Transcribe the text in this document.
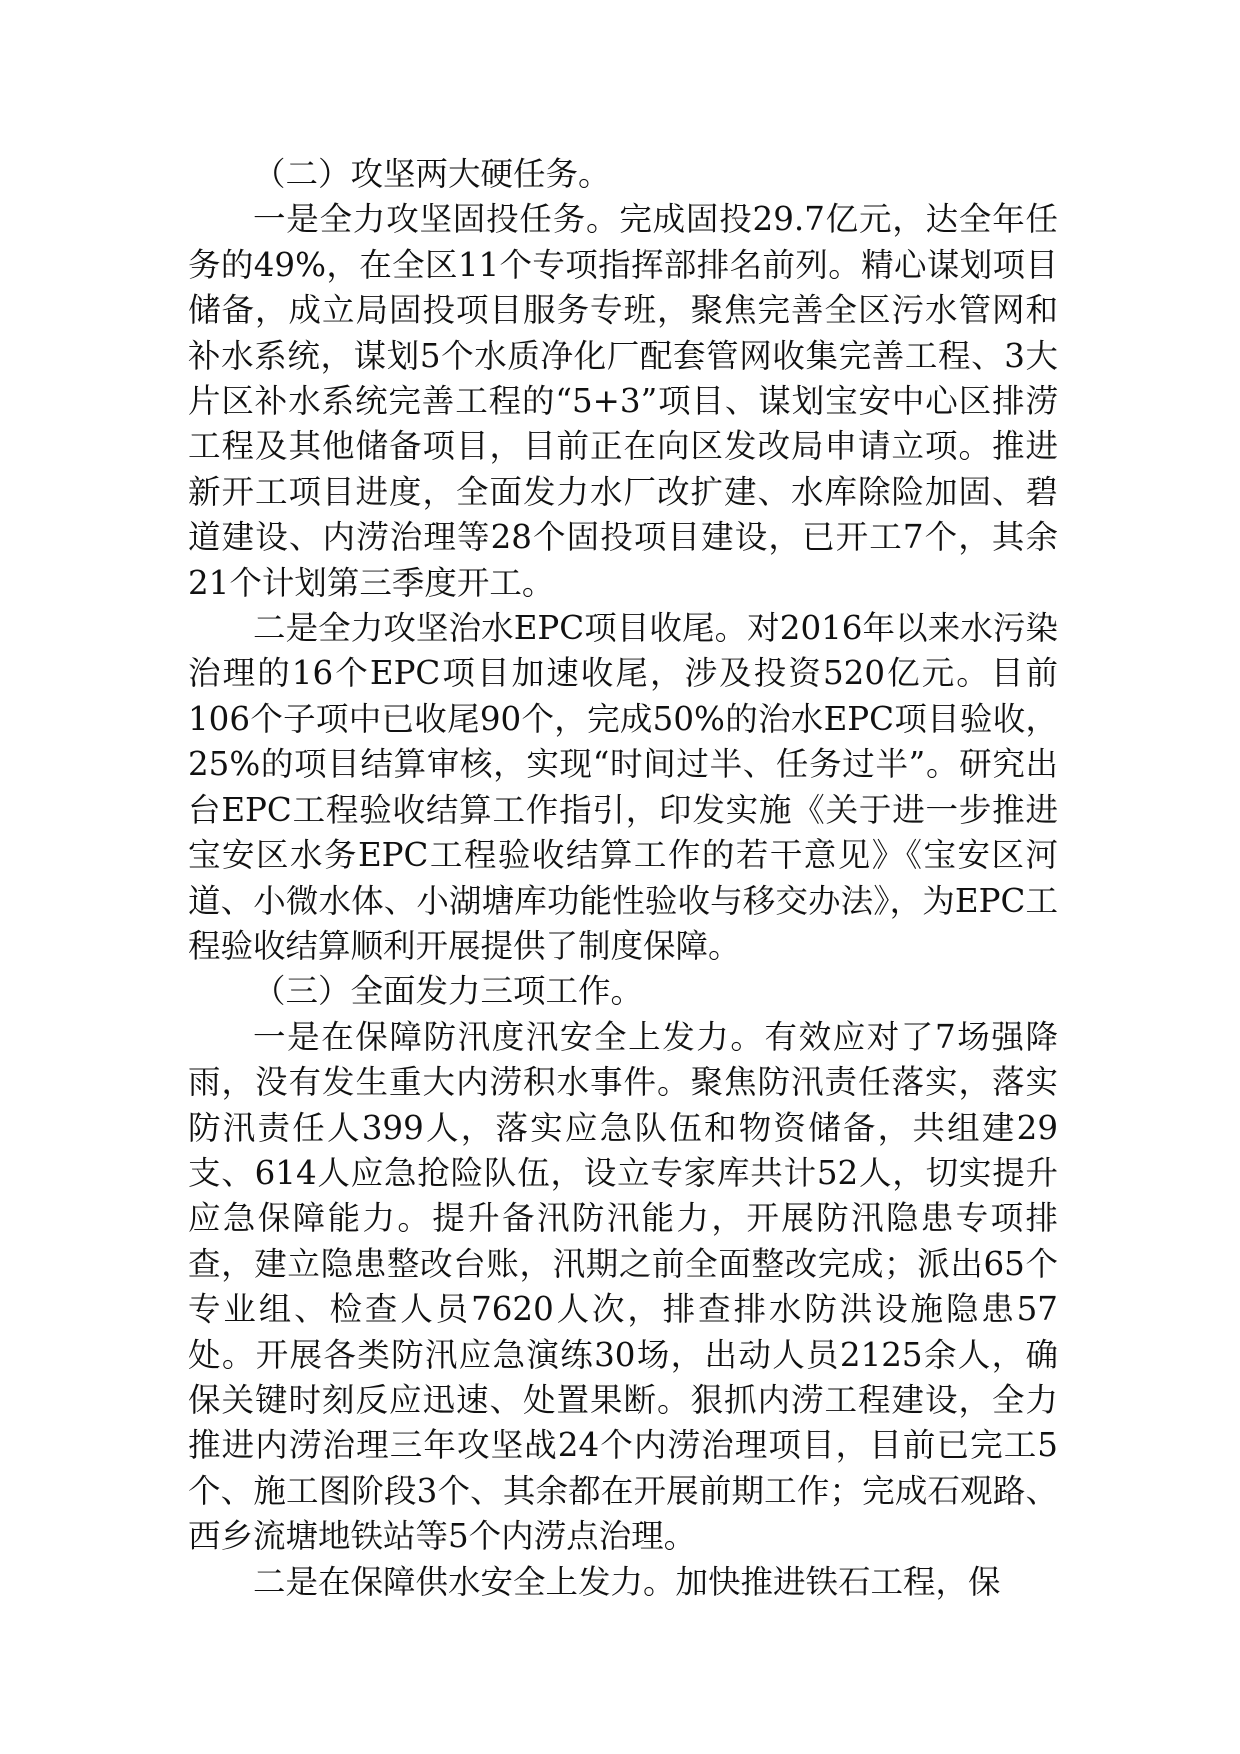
（二）攻坚两大硬任务。

一是全力攻坚固投任务。完成固投29.7亿元，达全年任务的49%，在全区11个专项指挥部排名前列。精心谋划项目储备，成立局固投项目服务专班，聚焦完善全区污水管网和补水系统，谋划5个水质净化厂配套管网收集完善工程、3大片区补水系统完善工程的“5+3”项目、谋划宝安中心区排涝工程及其他储备项目，目前正在向区发改局申请立项。推进新开工项目进度，全面发力水厂改扩建、水库除险加固、碧道建设、内涝治理等28个固投项目建设，已开工7个，其余21个计划第三季度开工。

二是全力攻坚治水EPC项目收尾。对2016年以来水污染治理的16个EPC项目加速收尾，涉及投资520亿元。目前106个子项中已收尾90个，完成50%的治水EPC项目验收，25%的项目结算审核，实现“时间过半、任务过半”。研究出台EPC工程验收结算工作指引，印发实施《关于进一步推进宝安区水务EPC工程验收结算工作的若干意见》《宝安区河道、小微水体、小湖塘库功能性验收与移交办法》，为EPC工程验收结算顺利开展提供了制度保障。

（三）全面发力三项工作。

一是在保障防汛度汛安全上发力。有效应对了7场强降雨，没有发生重大内涝积水事件。聚焦防汛责任落实，落实防汛责任人399人，落实应急队伍和物资储备，共组建29支、614人应急抢险队伍，设立专家库共计52人，切实提升应急保障能力。提升备汛防汛能力，开展防汛隐患专项排查，建立隐患整改台账，汛期之前全面整改完成；派出65个专业组、检查人员7620人次，排查排水防洪设施隐患57处。开展各类防汛应急演练30场，出动人员2125余人，确保关键时刻反应迅速、处置果断。狠抓内涝工程建设，全力推进内涝治理三年攻坚战24个内涝治理项目，目前已完工5个、施工图阶段3个、其余都在开展前期工作；完成石观路、西乡流塘地铁站等5个内涝点治理。

二是在保障供水安全上发力。加快推进铁石工程，保
